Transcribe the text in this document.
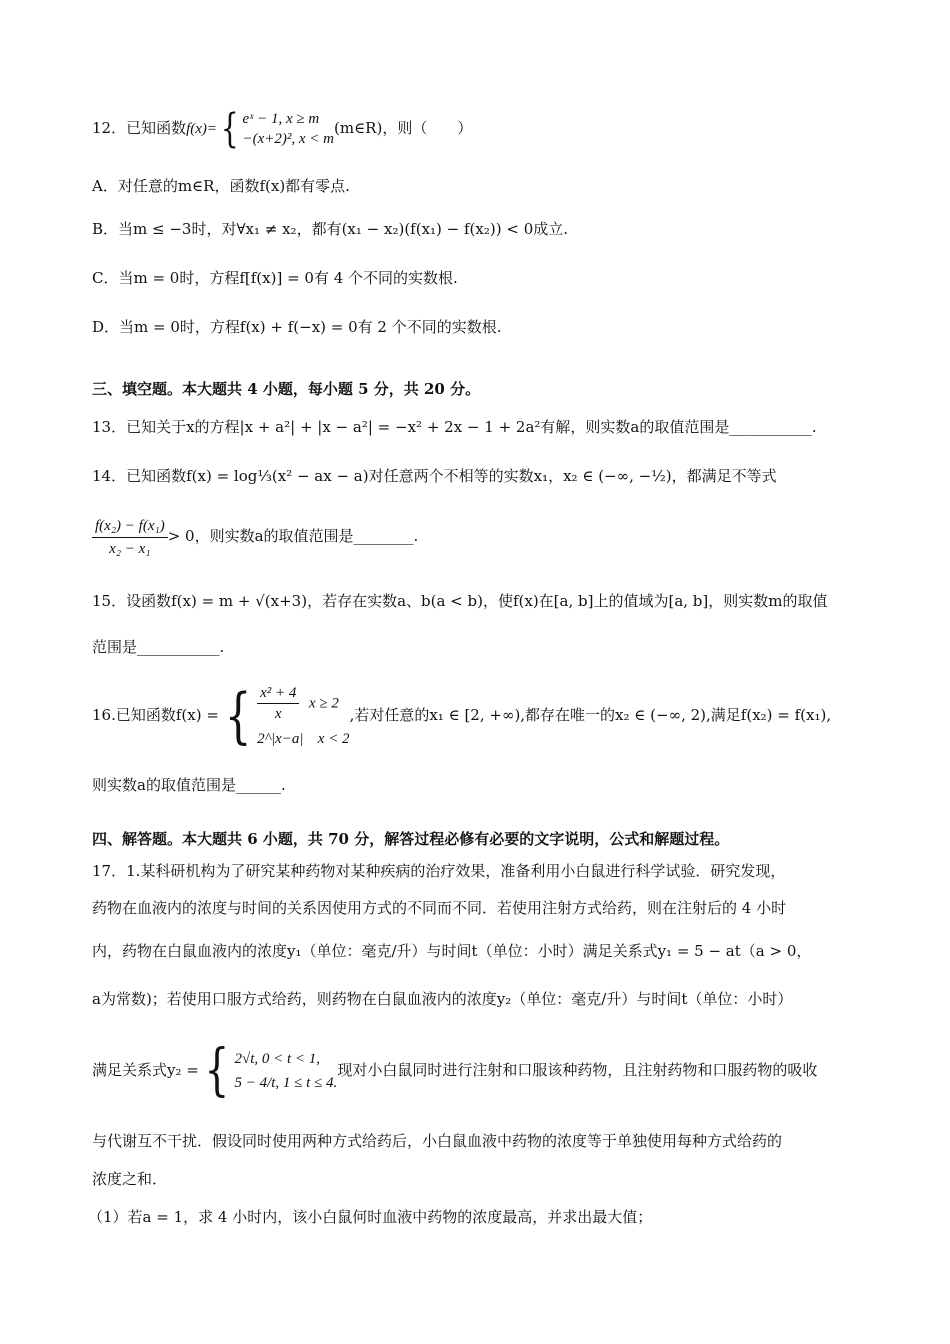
12．已知函数f(x)={ eˣ − 1, x ≥ m
−(x+2)², x < m
(m∈R)，则（　　）
A．对任意的m∈R，函数f(x)都有零点.
B．当m ≤ −3时，对∀x₁ ≠ x₂，都有(x₁ − x₂)(f(x₁) − f(x₂)) < 0成立.
C．当m = 0时，方程f[f(x)] = 0有 4 个不同的实数根.
D．当m = 0时，方程f(x) + f(−x) = 0有 2 个不同的实数根.
三、填空题。本大题共 4 小题，每小题 5 分，共 20 分。
13．已知关于x的方程|x + a²| + |x − a²| = −x² + 2x − 1 + 2a²有解，则实数a的取值范围是___________.
14．已知函数f(x) = log⅓(x² − ax − a)对任意两个不相等的实数x₁，x₂ ∈ (−∞, −½)，都满足不等式
$\frac{\text{f(x₂) − f(x₁)}}{\text{x₂ − x₁}} > 0$，则实数a的取值范围是________.
15．设函数f(x) = m + √(x+3)，若存在实数a、b(a < b)，使f(x)在[a, b]上的值域为[a, b]，则实数m的取值
范围是___________.
16.已知函数f(x) ={ $\frac{\text{x² + 4}}{x}$ x ≥ 2
2^|x−a| x < 2
,若对任意的x₁ ∈ [2, +∞),都存在唯一的x₂ ∈ (−∞, 2),满足f(x₂) = f(x₁),
则实数a的取值范围是______.
四、解答题。本大题共 6 小题，共 70 分，解答过程必修有必要的文字说明，公式和解题过程。
17．1.某科研机构为了研究某种药物对某种疾病的治疗效果，准备利用小白鼠进行科学试验．研究发现，
药物在血液内的浓度与时间的关系因使用方式的不同而不同．若使用注射方式给药，则在注射后的 4 小时
内，药物在白鼠血液内的浓度y₁（单位：毫克/升）与时间t（单位：小时）满足关系式y₁ = 5 − at（a > 0，
a为常数)；若使用口服方式给药，则药物在白鼠血液内的浓度y₂（单位：毫克/升）与时间t（单位：小时）
满足关系式y₂ ={ 2√t, 0 < t < 1,
5 − 4/t, 1 ≤ t ≤ 4.
现对小白鼠同时进行注射和口服该种药物，且注射药物和口服药物的吸收
与代谢互不干扰．假设同时使用两种方式给药后，小白鼠血液中药物的浓度等于单独使用每种方式给药的
浓度之和．
（1）若a = 1，求 4 小时内，该小白鼠何时血液中药物的浓度最高，并求出最大值；
